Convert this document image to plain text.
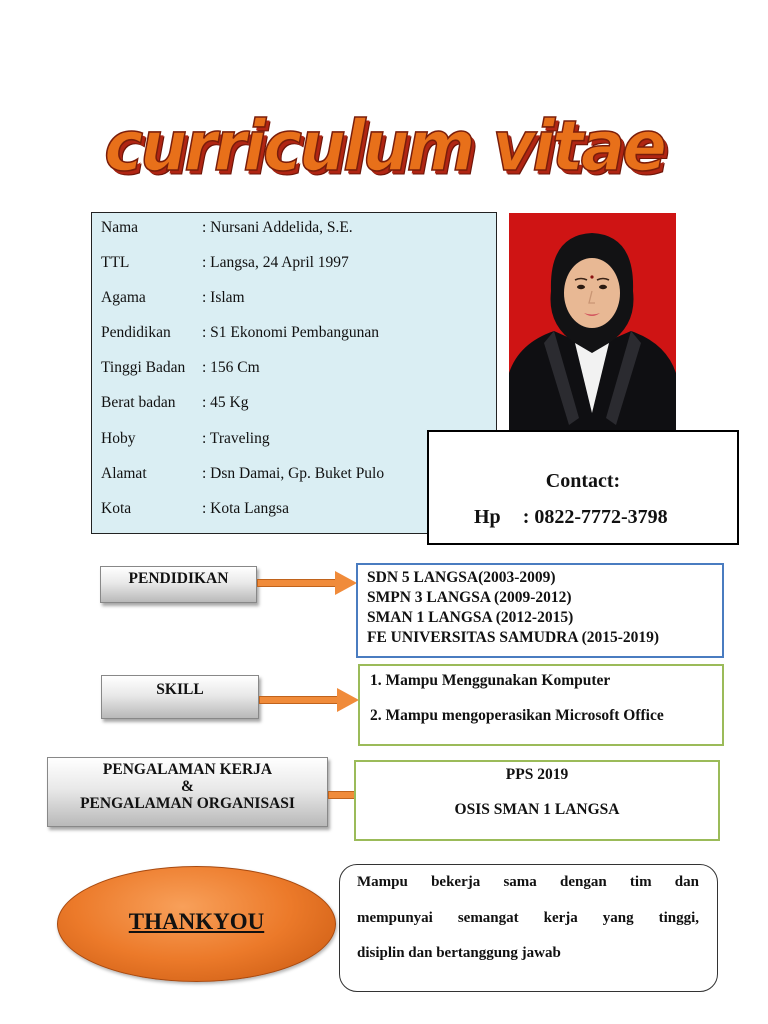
curriculum vitae
Nama	: Nursani Addelida, S.E.
TTL	: Langsa, 24 April 1997
Agama	: Islam
Pendidikan : S1 Ekonomi Pembangunan
Tinggi Badan : 156 Cm
Berat badan : 45 Kg
Hoby	: Traveling
Alamat	: Dsn Damai, Gp. Buket Pulo
Kota	: Kota Langsa
Contact:
Hp : 0822-7772-3798
PENDIDIKAN	SDN 5 LANGSA(2003-2009)
SMPN 3 LANGSA (2009-2012)
SMAN 1 LANGSA (2012-2015)
FE UNIVERSITAS SAMUDRA (2015-2019)
SKILL
1. Mampu Menggunakan Komputer
2. Mampu mengoperasikan Microsoft Office
PENGALAMAN KERJA
&
PENGALAMAN ORGANISASI
PPS 2019
OSIS SMAN 1 LANGSA
THANKYOU
Mampu bekerja sama dengan tim dan
mempunyai semangat kerja yang tinggi,
disiplin dan bertanggung jawab
